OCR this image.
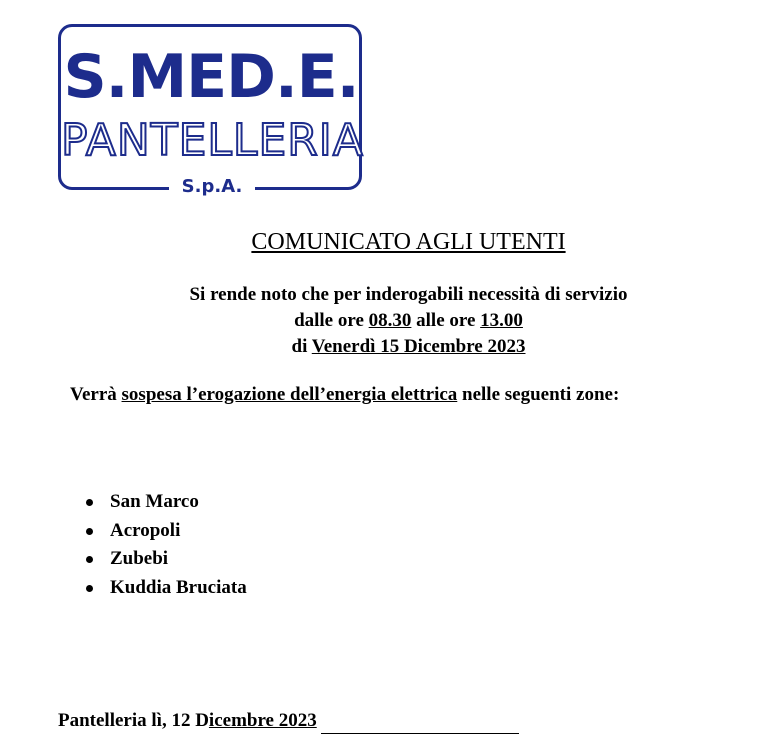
S.MED.E.
PANTELLERIA
S.p.A.
COMUNICATO AGLI UTENTI
Si rende noto che per inderogabili necessità di servizio
dalle ore 08.30 alle ore 13.00
di Venerdì 15 Dicembre 2023
Verrà sospesa l’erogazione dell’energia elettrica nelle seguenti zone:
San Marco
Acropoli
Zubebi
Kuddia Bruciata
Pantelleria lì, 12 Dicembre 2023
